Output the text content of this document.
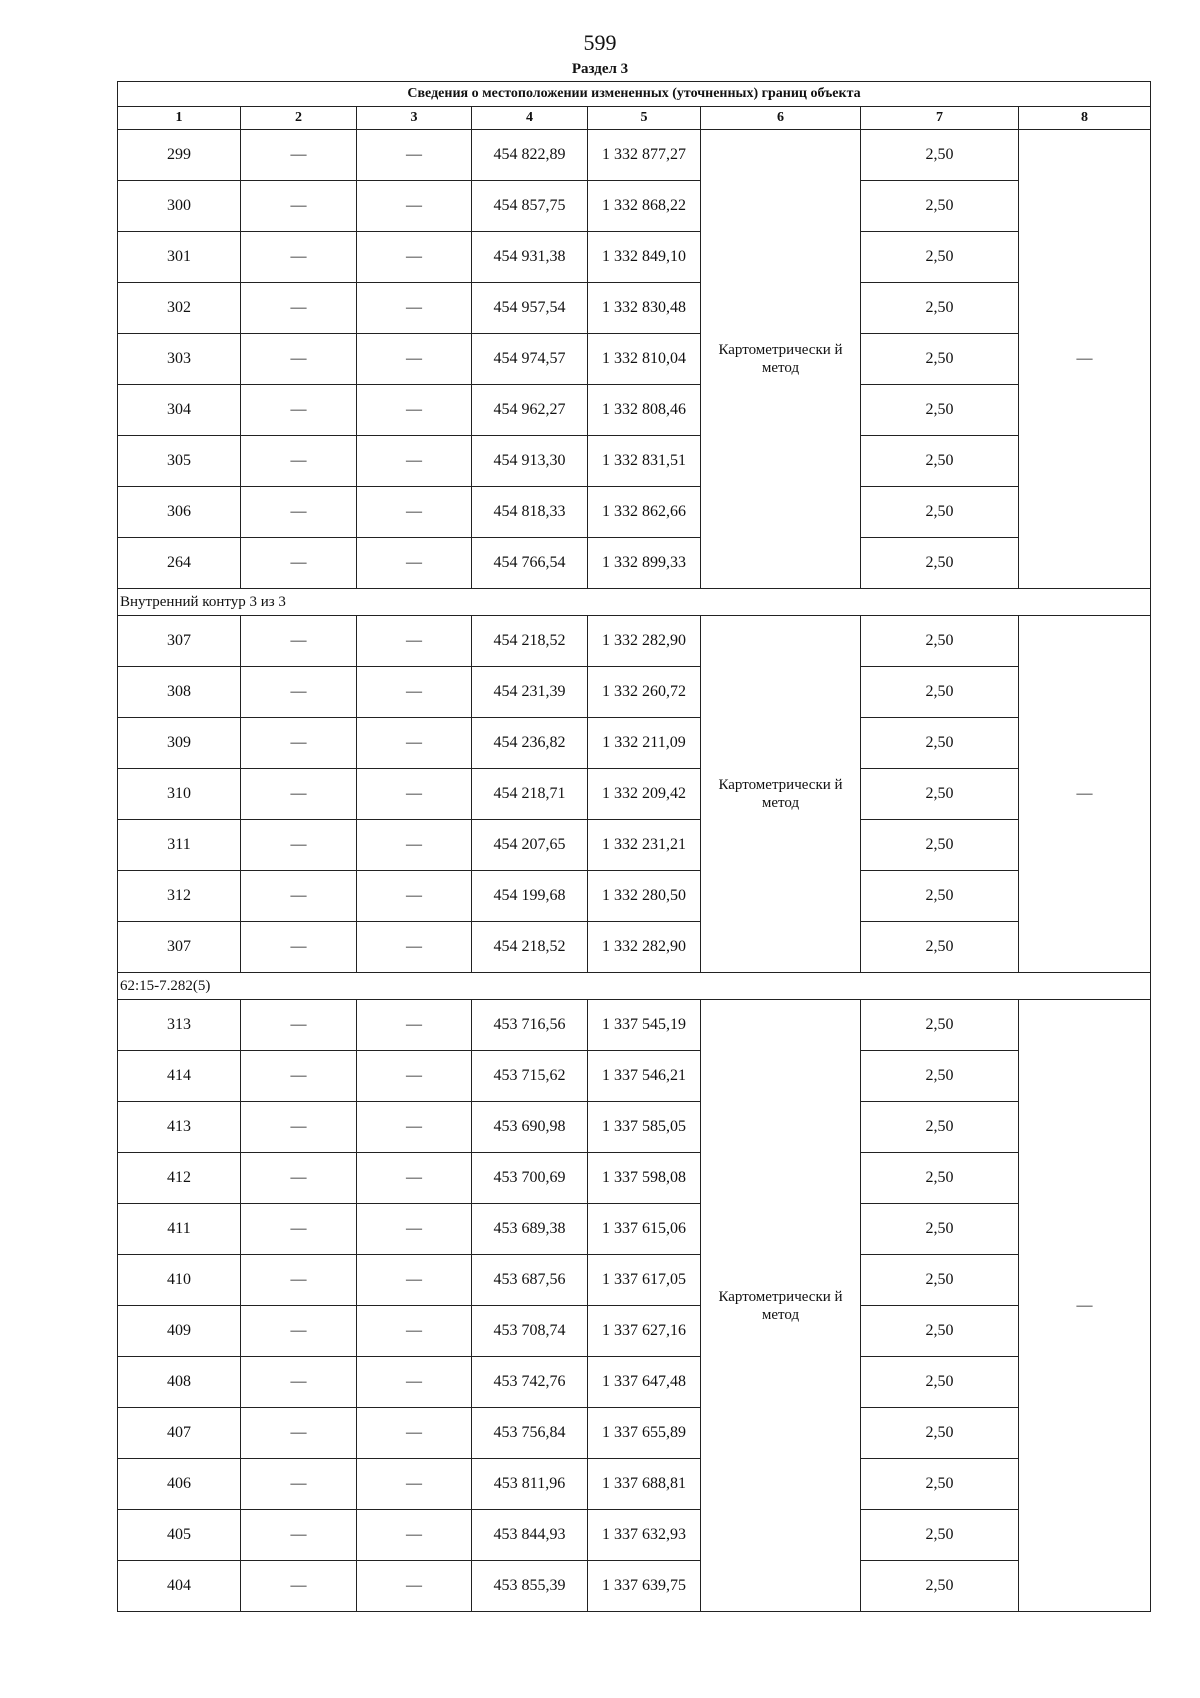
599
Раздел 3
Сведения о местоположении измененных (уточненных) границ объекта							
1	2	3	4	5	6	7	8
299	—	—	454 822,89	1 332 877,27	Картометрически й метод	2,50	—
300	—	—	454 857,75	1 332 868,22		2,50	
301	—	—	454 931,38	1 332 849,10		2,50	
302	—	—	454 957,54	1 332 830,48		2,50	
303	—	—	454 974,57	1 332 810,04		2,50	
304	—	—	454 962,27	1 332 808,46		2,50	
305	—	—	454 913,30	1 332 831,51		2,50	
306	—	—	454 818,33	1 332 862,66		2,50	
264	—	—	454 766,54	1 332 899,33		2,50	
Внутренний контур 3 из 3							
307	—	—	454 218,52	1 332 282,90	Картометрически й метод	2,50	—
308	—	—	454 231,39	1 332 260,72		2,50	
309	—	—	454 236,82	1 332 211,09		2,50	
310	—	—	454 218,71	1 332 209,42		2,50	
311	—	—	454 207,65	1 332 231,21		2,50	
312	—	—	454 199,68	1 332 280,50		2,50	
307	—	—	454 218,52	1 332 282,90		2,50	
62:15-7.282(5)							
313	—	—	453 716,56	1 337 545,19	Картометрически й метод	2,50	—
414	—	—	453 715,62	1 337 546,21		2,50	
413	—	—	453 690,98	1 337 585,05		2,50	
412	—	—	453 700,69	1 337 598,08		2,50	
411	—	—	453 689,38	1 337 615,06		2,50	
410	—	—	453 687,56	1 337 617,05		2,50	
409	—	—	453 708,74	1 337 627,16		2,50	
408	—	—	453 742,76	1 337 647,48		2,50	
407	—	—	453 756,84	1 337 655,89		2,50	
406	—	—	453 811,96	1 337 688,81		2,50	
405	—	—	453 844,93	1 337 632,93		2,50	
404	—	—	453 855,39	1 337 639,75		2,50	
